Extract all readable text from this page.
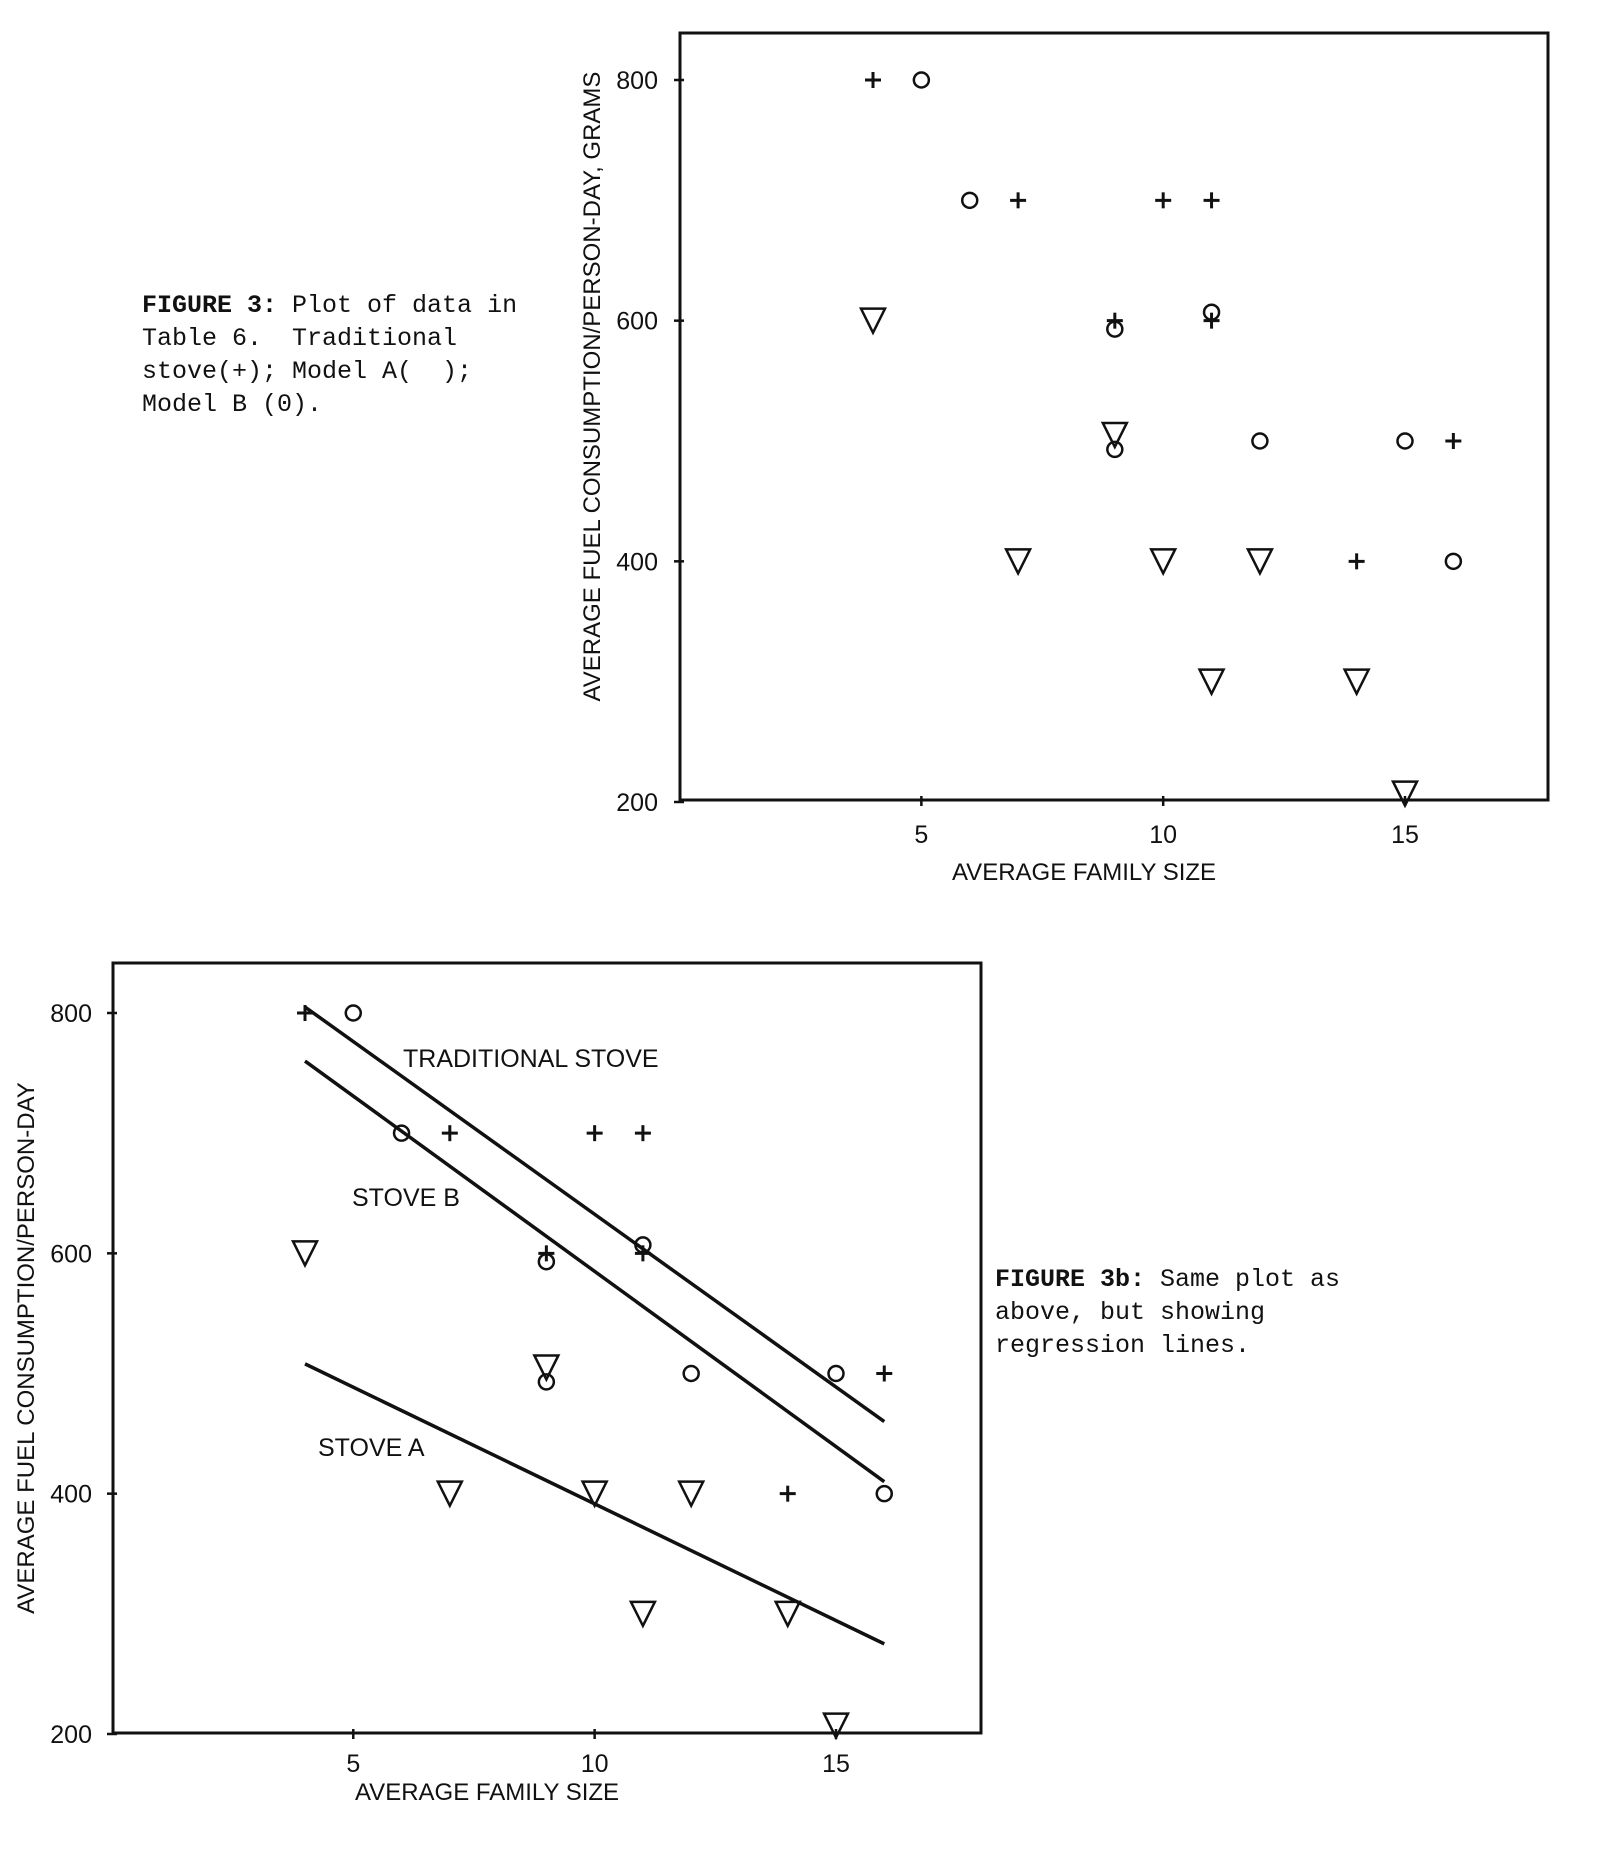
FIGURE 3: Plot of data in Table 6.  Traditional stove(+); Model A(  ); Model B (0).
FIGURE 3b: Same plot as above, but showing regression lines.
200
400
600
800
5	10	15
AVERAGE FAMILY SIZE
AVERAGE FUEL CONSUMPTION/PERSON-DAY, GRAMS
200
400
600
800
5	10	15
AVERAGE FAMILY SIZE
AVERAGE FUEL CONSUMPTION/PERSON-DAY
TRADITIONAL STOVE
STOVE B
STOVE A
